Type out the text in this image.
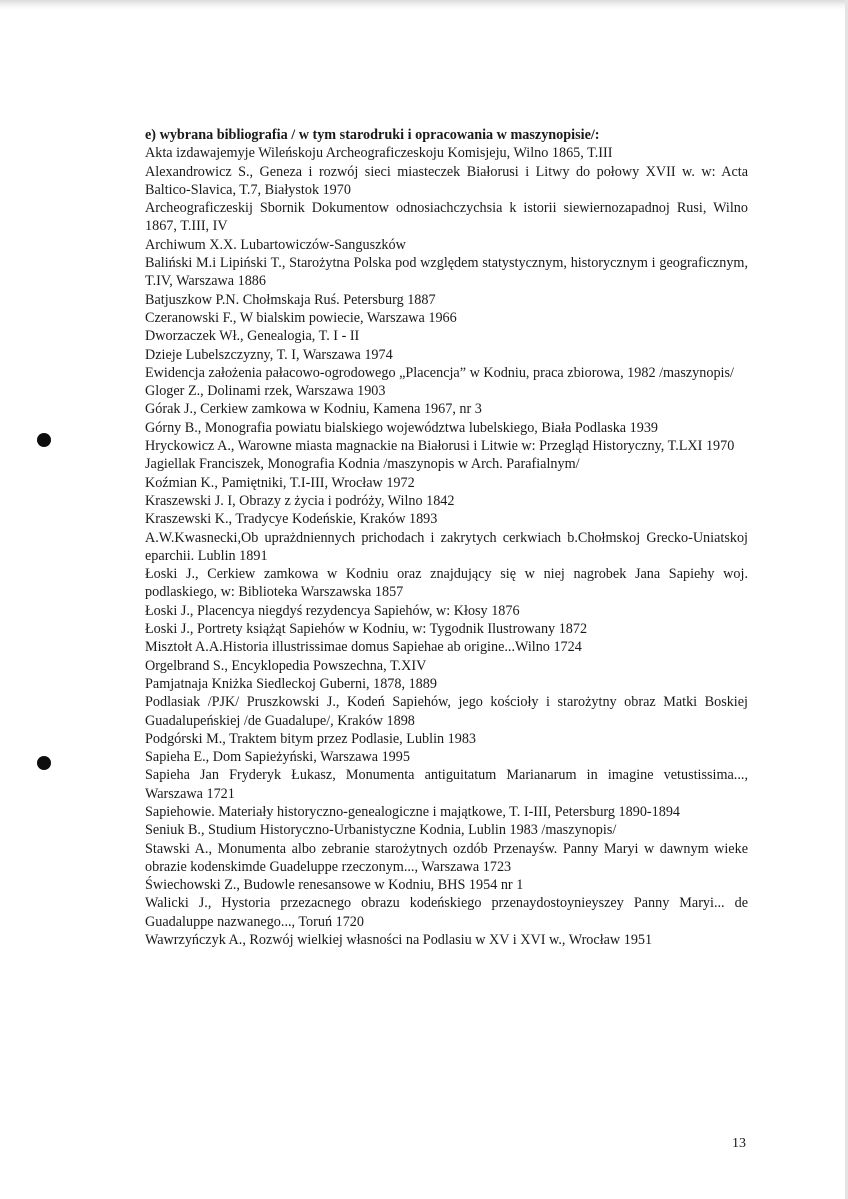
e) wybrana bibliografia / w tym starodruki i opracowania w maszynopisie/:

Akta izdawajemyje Wileńskoju Archeograficzeskoju Komisjeju, Wilno 1865, T.III
Alexandrowicz S., Geneza i rozwój sieci miasteczek Białorusi i Litwy do połowy XVII w. w: Acta Baltico-Slavica, T.7, Białystok 1970
Archeograficzeskij Sbornik Dokumentow odnosiachczychsia k istorii siewiernozapadnoj Rusi, Wilno 1867, T.III, IV
Archiwum X.X. Lubartowiczów-Sanguszków
Baliński M.i Lipiński T., Starożytna Polska pod względem statystycznym, historycznym i geograficznym, T.IV, Warszawa 1886
Batjuszkow P.N. Chołmskaja Ruś. Petersburg 1887
Czeranowski F., W bialskim powiecie, Warszawa 1966
Dworzaczek Wł., Genealogia, T. I - II
Dzieje Lubelszczyzny, T. I, Warszawa 1974
Ewidencja założenia pałacowo-ogrodowego „Placencja” w Kodniu, praca zbiorowa, 1982 /maszynopis/
Gloger Z., Dolinami rzek, Warszawa 1903
Górak J., Cerkiew zamkowa w Kodniu, Kamena 1967, nr 3
Górny B., Monografia powiatu bialskiego województwa lubelskiego, Biała Podlaska 1939
Hryckowicz A., Warowne miasta magnackie na Białorusi i Litwie w: Przegląd Historyczny, T.LXI 1970
Jagiellak Franciszek, Monografia Kodnia /maszynopis w Arch. Parafialnym/
Koźmian K., Pamiętniki, T.I-III, Wrocław 1972
Kraszewski J. I, Obrazy z życia i podróży, Wilno 1842
Kraszewski K., Tradycye Kodeńskie, Kraków 1893
A.W.Kwasnecki,Ob uprażdniennych prichodach i zakrytych cerkwiach b.Chołmskoj Grecko-Uniatskoj eparchii. Lublin 1891
Łoski J., Cerkiew zamkowa w Kodniu oraz znajdujący się w niej nagrobek Jana Sapiehy woj. podlaskiego, w: Biblioteka Warszawska 1857
Łoski J., Placencya niegdyś rezydencya Sapiehów, w: Kłosy 1876
Łoski J., Portrety książąt Sapiehów w Kodniu, w: Tygodnik Ilustrowany 1872
Misztołt A.A.Historia illustrissimae domus Sapiehae ab origine...Wilno 1724
Orgelbrand S., Encyklopedia Powszechna, T.XIV
Pamjatnaja Kniżka Siedleckoj Guberni, 1878, 1889
Podlasiak /PJK/ Pruszkowski J., Kodeń Sapiehów, jego kościoły i starożytny obraz Matki Boskiej Guadalupeńskiej /de Guadalupe/, Kraków 1898
Podgórski M., Traktem bitym przez Podlasie, Lublin 1983
Sapieha E., Dom Sapieżyński, Warszawa 1995
Sapieha Jan Fryderyk Łukasz, Monumenta antiguitatum Marianarum in imagine vetustissima..., Warszawa 1721
Sapiehowie. Materiały historyczno-genealogiczne i majątkowe, T. I-III, Petersburg 1890-1894
Seniuk B., Studium Historyczno-Urbanistyczne Kodnia, Lublin 1983 /maszynopis/
Stawski A., Monumenta albo zebranie starożytnych ozdób Przenayśw. Panny Maryi w dawnym wieke obrazie kodenskimde Guadeluppe rzeczonym..., Warszawa 1723
Świechowski Z., Budowle renesansowe w Kodniu, BHS 1954 nr 1
Walicki J., Hystoria przezacnego obrazu kodeńskiego przenaydostoynieyszey Panny Maryi... de Guadaluppe nazwanego..., Toruń 1720
Wawrzyńczyk A., Rozwój wielkiej własności na Podlasiu w XV i XVI w., Wrocław 1951
13
